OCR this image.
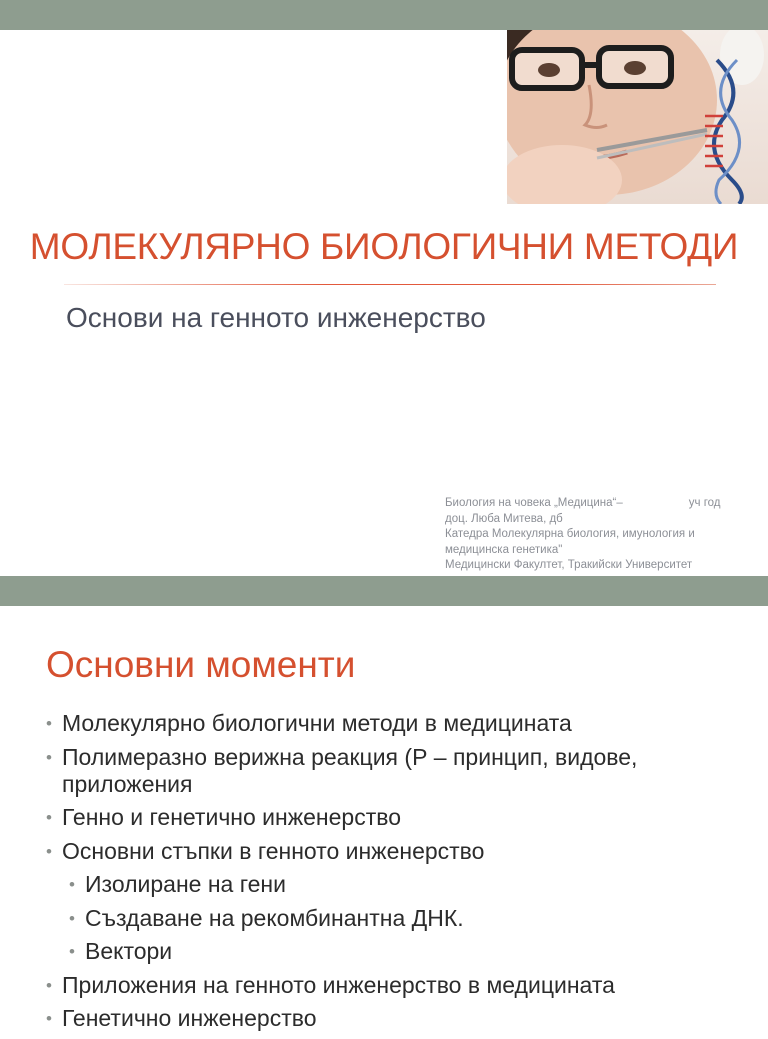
МОЛЕКУЛЯРНО БИОЛОГИЧНИ МЕТОДИ
Основи на генното инженерство
Биология на човека „Медицина“–	уч год
доц. Люба Митева, дб
Катедра Молекулярна биология, имунология и
медицинска генетика"
Медицински Факултет, Тракийски Университет
Основни моменти
• Молекулярно биологични методи в медицината
• Полимеразно верижна реакция (Р – принцип, видове, приложения
• Генно и генетично инженерство
• Основни стъпки в генното инженерство
• Изолиране на гени
• Създаване на рекомбинантна ДНК.
• Вектори
• Приложения на генното инженерство в медицината
• Генетично инженерство
